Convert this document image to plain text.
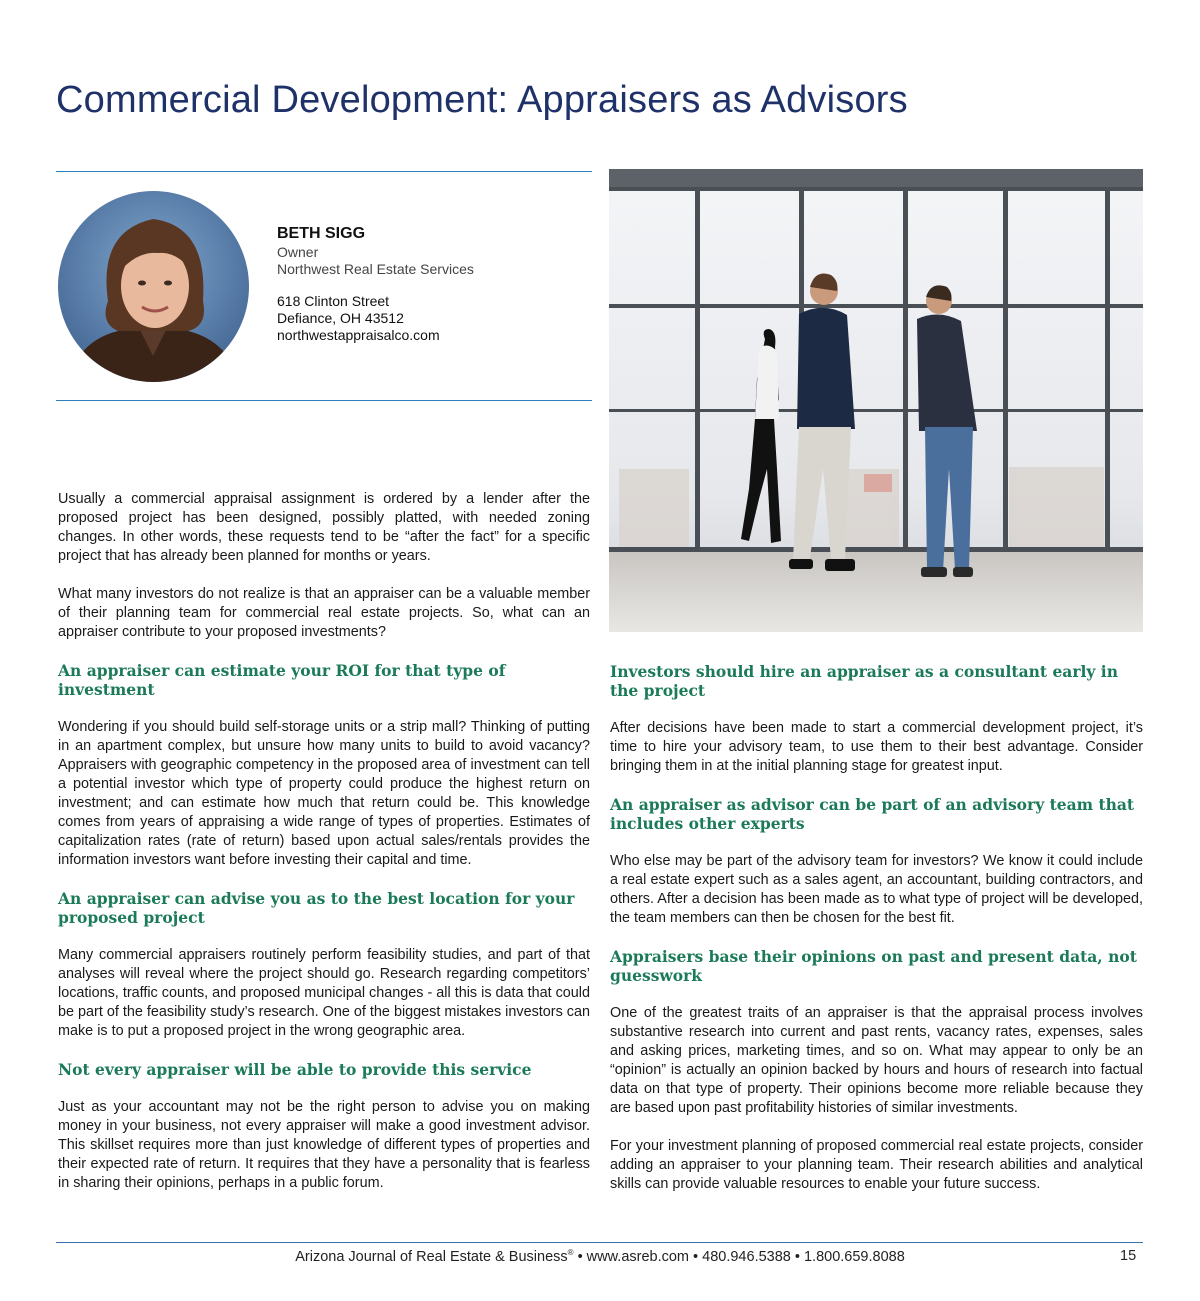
Commercial Development: Appraisers as Advisors
BETH SIGG
Owner
Northwest Real Estate Services
618 Clinton Street
Defiance, OH 43512
northwestappraisalco.com

Usually a commercial appraisal assignment is ordered by a lender after the proposed project has been designed, possibly platted, with needed zoning changes. In other words, these requests tend to be “after the fact” for a specific project that has already been planned for months or years.

What many investors do not realize is that an appraiser can be a valuable member of their planning team for commercial real estate projects. So, what can an appraiser contribute to your proposed investments?

An appraiser can estimate your ROI for that type of investment

Wondering if you should build self-storage units or a strip mall? Thinking of putting in an apartment complex, but unsure how many units to build to avoid vacancy? Appraisers with geographic competency in the proposed area of investment can tell a potential investor which type of property could produce the highest return on investment; and can estimate how much that return could be. This knowledge comes from years of appraising a wide range of types of properties. Estimates of capitalization rates (rate of return) based upon actual sales/rentals provides the information investors want before investing their capital and time.

An appraiser can advise you as to the best location for your proposed project

Many commercial appraisers routinely perform feasibility studies, and part of that analyses will reveal where the project should go. Research regarding competitors’ locations, traffic counts, and proposed municipal changes - all this is data that could be part of the feasibility study’s research. One of the biggest mistakes investors can make is to put a proposed project in the wrong geographic area.

Not every appraiser will be able to provide this service

Just as your accountant may not be the right person to advise you on making money in your business, not every appraiser will make a good investment advisor. This skillset requires more than just knowledge of different types of properties and their expected rate of return. It requires that they have a personality that is fearless in sharing their opinions, perhaps in a public forum.

Investors should hire an appraiser as a consultant early in the project

After decisions have been made to start a commercial development project, it’s time to hire your advisory team, to use them to their best advantage. Consider bringing them in at the initial planning stage for greatest input.

An appraiser as advisor can be part of an advisory team that includes other experts

Who else may be part of the advisory team for investors? We know it could include a real estate expert such as a sales agent, an accountant, building contractors, and others. After a decision has been made as to what type of project will be developed, the team members can then be chosen for the best fit.

Appraisers base their opinions on past and present data, not guesswork

One of the greatest traits of an appraiser is that the appraisal process involves substantive research into current and past rents, vacancy rates, expenses, sales and asking prices, marketing times, and so on. What may appear to only be an “opinion” is actually an opinion backed by hours and hours of research into factual data on that type of property. Their opinions become more reliable because they are based upon past profitability histories of similar investments.

For your investment planning of proposed commercial real estate projects, consider adding an appraiser to your planning team. Their research abilities and analytical skills can provide valuable resources to enable your future success.

Arizona Journal of Real Estate & Business® • www.asreb.com • 480.946.5388 • 1.800.659.8088	15
